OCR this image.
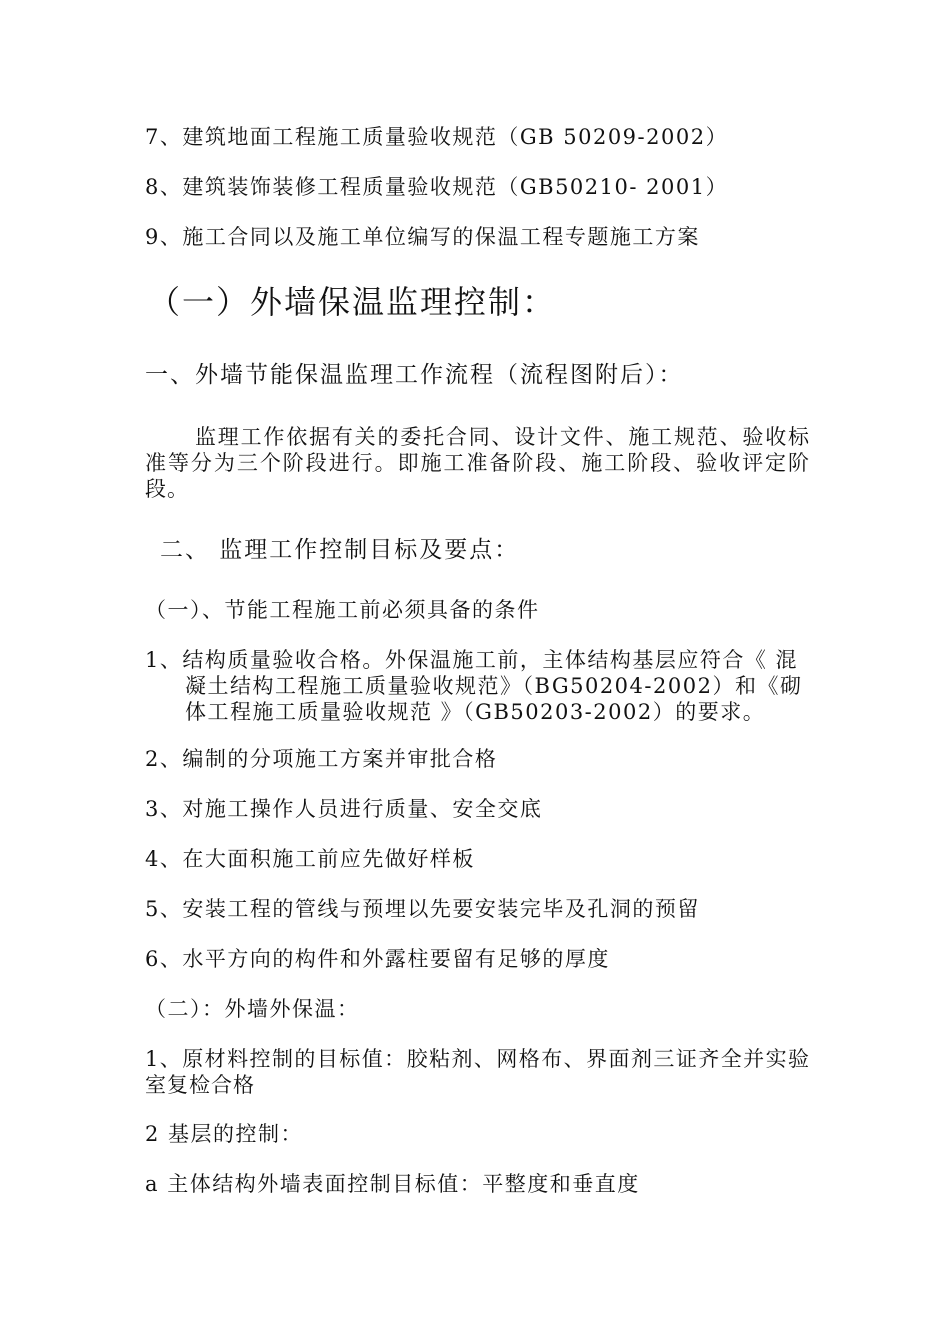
7、建筑地面工程施工质量验收规范（GB 50209-2002）
8、建筑装饰装修工程质量验收规范（GB50210- 2001）
9、施工合同以及施工单位编写的保温工程专题施工方案
（一）外墙保温监理控制：
一、外墙节能保温监理工作流程（流程图附后）：
监理工作依据有关的委托合同、设计文件、施工规范、验收标准等分为三个阶段进行。即施工准备阶段、施工阶段、验收评定阶段。
二、 监理工作控制目标及要点：
（一）、节能工程施工前必须具备的条件
1、结构质量验收合格。外保温施工前，主体结构基层应符合《 混
凝土结构工程施工质量验收规范》（BG50204-2002）和《砌
体工程施工质量验收规范 》（GB50203-2002）的要求。
2、编制的分项施工方案并审批合格
3、对施工操作人员进行质量、安全交底
4、在大面积施工前应先做好样板
5、安装工程的管线与预埋以先要安装完毕及孔洞的预留
6、水平方向的构件和外露柱要留有足够的厚度
（二）：外墙外保温：
1、原材料控制的目标值：胶粘剂、网格布、界面剂三证齐全并实验室复检合格
2 基层的控制：
a 主体结构外墙表面控制目标值：平整度和垂直度
